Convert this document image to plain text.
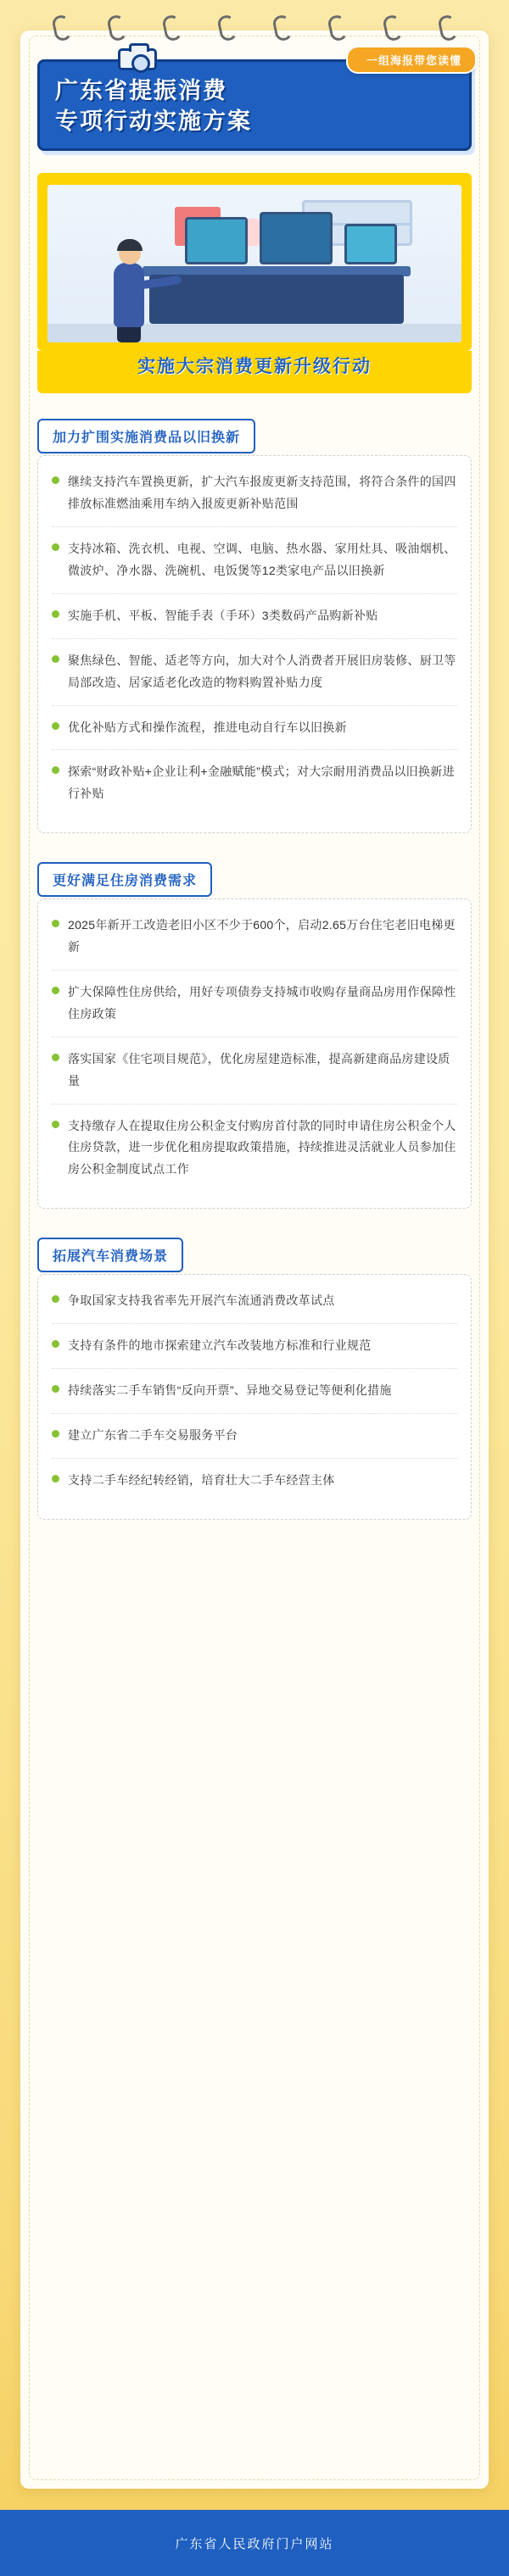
一组海报带您读懂
广东省提振消费
专项行动实施方案
实施大宗消费更新升级行动
加力扩围实施消费品以旧换新
继续支持汽车置换更新，扩大汽车报废更新支持范围，将符合条件的国四排放标准燃油乘用车纳入报废更新补贴范围
支持冰箱、洗衣机、电视、空调、电脑、热水器、家用灶具、吸油烟机、微波炉、净水器、洗碗机、电饭煲等12类家电产品以旧换新
实施手机、平板、智能手表（手环）3类数码产品购新补贴
聚焦绿色、智能、适老等方向，加大对个人消费者开展旧房装修、厨卫等局部改造、居家适老化改造的物料购置补贴力度
优化补贴方式和操作流程，推进电动自行车以旧换新
探索“财政补贴+企业让利+金融赋能”模式；对大宗耐用消费品以旧换新进行补贴
更好满足住房消费需求
2025年新开工改造老旧小区不少于600个，启动2.65万台住宅老旧电梯更新
扩大保障性住房供给，用好专项债券支持城市收购存量商品房用作保障性住房政策
落实国家《住宅项目规范》，优化房屋建造标准，提高新建商品房建设质量
支持缴存人在提取住房公积金支付购房首付款的同时申请住房公积金个人住房贷款，进一步优化租房提取政策措施，持续推进灵活就业人员参加住房公积金制度试点工作
拓展汽车消费场景
争取国家支持我省率先开展汽车流通消费改革试点
支持有条件的地市探索建立汽车改装地方标准和行业规范
持续落实二手车销售“反向开票”、异地交易登记等便利化措施
建立广东省二手车交易服务平台
支持二手车经纪转经销，培育壮大二手车经营主体
广东省人民政府门户网站
